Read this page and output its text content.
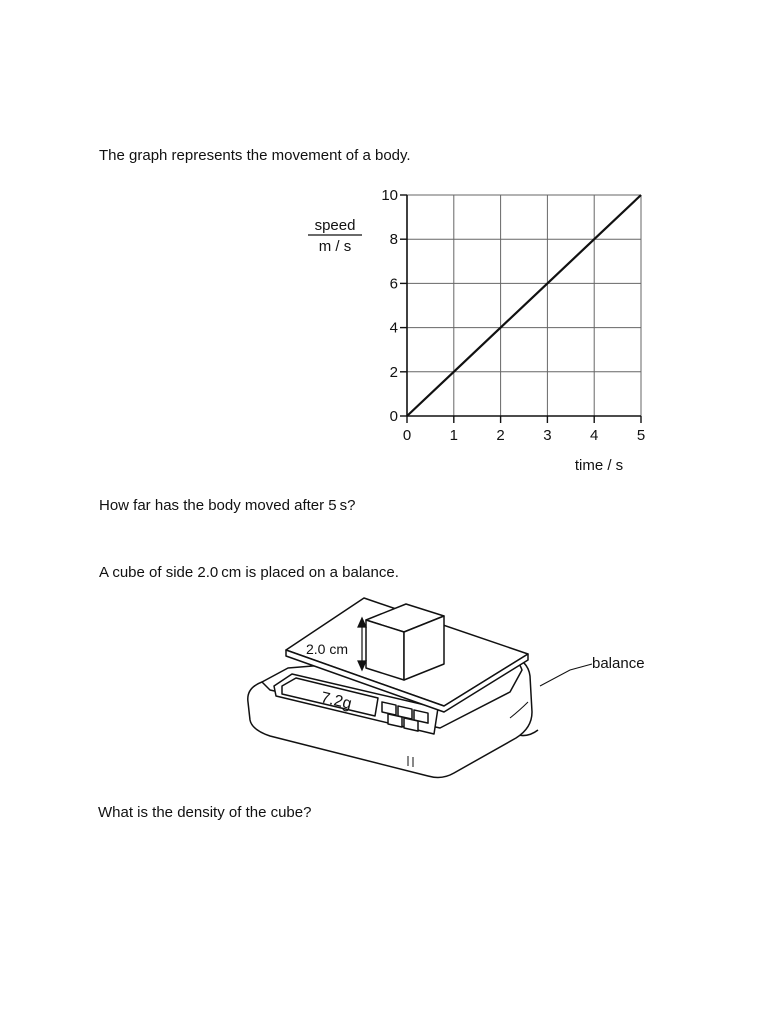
The graph represents the movement of a body.
0
2
4
6
8
10
0	1	2	3	4	5
speed
m / s
time / s
How far has the body moved after 5 s?
A cube of side 2.0 cm is placed on a balance.
2.0 cm
7.2g
balance
What is the density of the cube?
